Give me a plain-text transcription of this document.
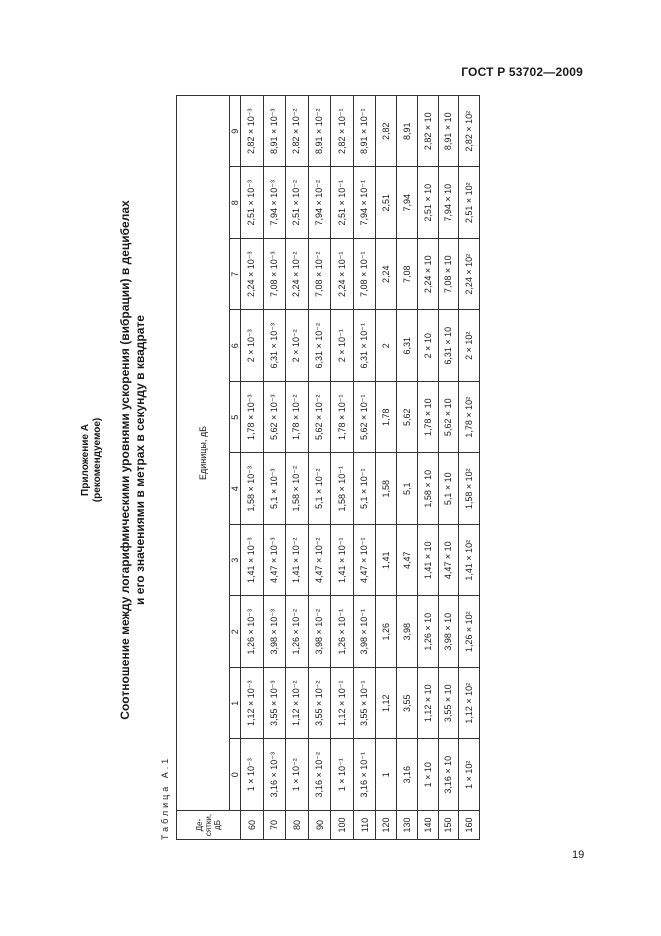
ГОСТ Р 53702—2009
Приложение А (рекомендуемое) Соотношение между логарифмическими уровнями ускорения (вибрации) в децибелах и его значениями в метрах в секунду в квадрате
Таблица А.1	Де- сятки, дБ	Единицы, дБ									
	0	1	2	3	4	5	6	7	8	9
60	1 × 10⁻³	1,12 × 10⁻³	1,26 × 10⁻³	1,41 × 10⁻³	1,58 × 10⁻³	1,78 × 10⁻³	2 × 10⁻³	2,24 × 10⁻³	2,51 × 10⁻³	2,82 × 10⁻³
70	3,16 × 10⁻³	3,55 × 10⁻³	3,98 × 10⁻³	4,47 × 10⁻³	5,1 × 10⁻³	5,62 × 10⁻³	6,31 × 10⁻³	7,08 × 10⁻³	7,94 × 10⁻³	8,91 × 10⁻³
80	1 × 10⁻²	1,12 × 10⁻²	1,26 × 10⁻²	1,41 × 10⁻²	1,58 × 10⁻²	1,78 × 10⁻²	2 × 10⁻²	2,24 × 10⁻²	2,51 × 10⁻²	2,82 × 10⁻²
90	3,16 × 10⁻²	3,55 × 10⁻²	3,98 × 10⁻²	4,47 × 10⁻²	5,1 × 10⁻²	5,62 × 10⁻²	6,31 × 10⁻²	7,08 × 10⁻²	7,94 × 10⁻²	8,91 × 10⁻²
100	1 × 10⁻¹	1,12 × 10⁻¹	1,26 × 10⁻¹	1,41 × 10⁻¹	1,58 × 10⁻¹	1,78 × 10⁻¹	2 × 10⁻¹	2,24 × 10⁻¹	2,51 × 10⁻¹	2,82 × 10⁻¹
110	3,16 × 10⁻¹	3,55 × 10⁻¹	3,98 × 10⁻¹	4,47 × 10⁻¹	5,1 × 10⁻¹	5,62 × 10⁻¹	6,31 × 10⁻¹	7,08 × 10⁻¹	7,94 × 10⁻¹	8,91 × 10⁻¹
120	1	1,12	1,26	1,41	1,58	1,78	2	2,24	2,51	2,82
130	3,16	3,55	3,98	4,47	5,1	5,62	6,31	7,08	7,94	8,91
140	1 × 10	1,12 × 10	1,26 × 10	1,41 × 10	1,58 × 10	1,78 × 10	2 × 10	2,24 × 10	2,51 × 10	2,82 × 10
150	3,16 × 10	3,55 × 10	3,98 × 10	4,47 × 10	5,1 × 10	5,62 × 10	6,31 × 10	7,08 × 10	7,94 × 10	8,91 × 10
160	1 × 10²	1,12 × 10²	1,26 × 10²	1,41 × 10²	1,58 × 10²	1,78 × 10²	2 × 10²	2,24 × 10²	2,51 × 10²	2,82 × 10²
19
